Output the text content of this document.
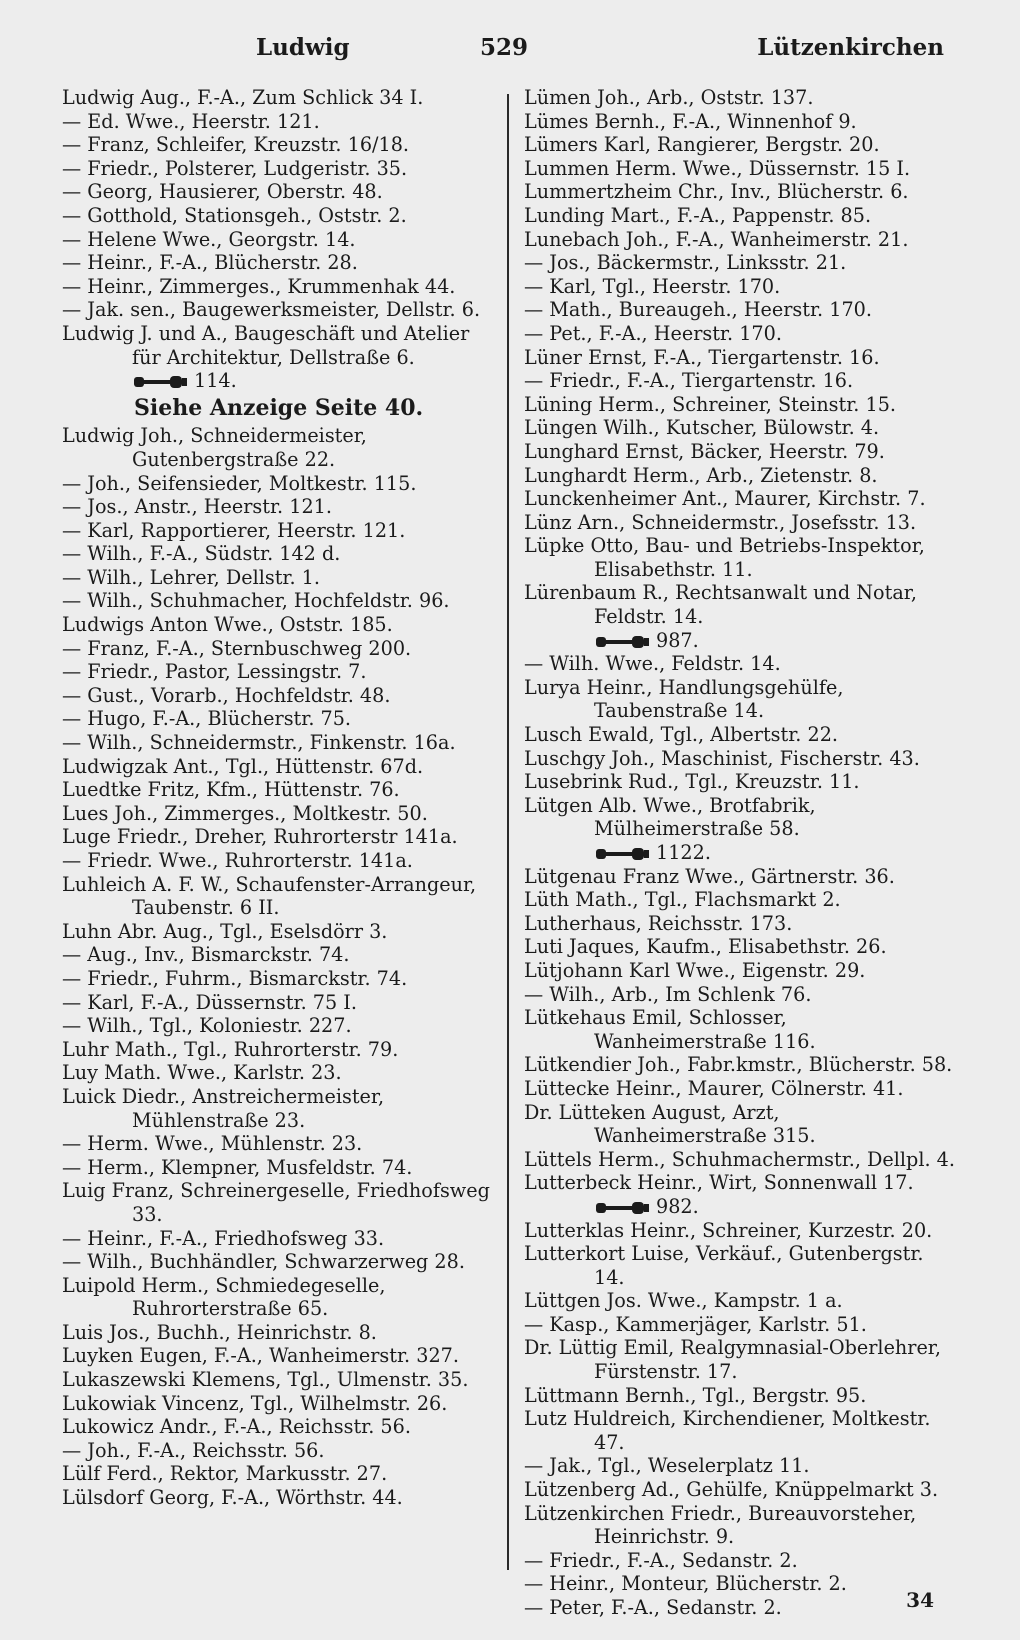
Ludwig	529	Lützenkirchen
Ludwig Aug., F.-A., Zum Schlick 34 I.
— Ed. Wwe., Heerstr. 121.
— Franz, Schleifer, Kreuzstr. 16/18.
— Friedr., Polsterer, Ludgeristr. 35.
— Georg, Hausierer, Oberstr. 48.
— Gotthold, Stationsgeh., Oststr. 2.
— Helene Wwe., Georgstr. 14.
— Heinr., F.-A., Blücherstr. 28.
— Heinr., Zimmerges., Krummenhak 44.
— Jak. sen., Baugewerksmeister, Dellstr. 6.
Ludwig J. und A., Baugeschäft und Atelier für Architektur, Dellstraße 6.
114.
Siehe Anzeige Seite 40.
Ludwig Joh., Schneidermeister, Gutenbergstraße 22.
— Joh., Seifensieder, Moltkestr. 115.
— Jos., Anstr., Heerstr. 121.
— Karl, Rapportierer, Heerstr. 121.
— Wilh., F.-A., Südstr. 142 d.
— Wilh., Lehrer, Dellstr. 1.
— Wilh., Schuhmacher, Hochfeldstr. 96.
Ludwigs Anton Wwe., Oststr. 185.
— Franz, F.-A., Sternbuschweg 200.
— Friedr., Pastor, Lessingstr. 7.
— Gust., Vorarb., Hochfeldstr. 48.
— Hugo, F.-A., Blücherstr. 75.
— Wilh., Schneidermstr., Finkenstr. 16a.
Ludwigzak Ant., Tgl., Hüttenstr. 67d.
Luedtke Fritz, Kfm., Hüttenstr. 76.
Lues Joh., Zimmerges., Moltkestr. 50.
Luge Friedr., Dreher, Ruhrorterstr 141a.
— Friedr. Wwe., Ruhrorterstr. 141a.
Luhleich A. F. W., Schaufenster-Arrangeur, Taubenstr. 6 II.
Luhn Abr. Aug., Tgl., Eselsdörr 3.
— Aug., Inv., Bismarckstr. 74.
— Friedr., Fuhrm., Bismarckstr. 74.
— Karl, F.-A., Düssernstr. 75 I.
— Wilh., Tgl., Koloniestr. 227.
Luhr Math., Tgl., Ruhrorterstr. 79.
Luy Math. Wwe., Karlstr. 23.
Luick Diedr., Anstreichermeister, Mühlenstraße 23.
— Herm. Wwe., Mühlenstr. 23.
— Herm., Klempner, Musfeldstr. 74.
Luig Franz, Schreinergeselle, Friedhofsweg 33.
— Heinr., F.-A., Friedhofsweg 33.
— Wilh., Buchhändler, Schwarzerweg 28.
Luipold Herm., Schmiedegeselle, Ruhrorterstraße 65.
Luis Jos., Buchh., Heinrichstr. 8.
Luyken Eugen, F.-A., Wanheimerstr. 327.
Lukaszewski Klemens, Tgl., Ulmenstr. 35.
Lukowiak Vincenz, Tgl., Wilhelmstr. 26.
Lukowicz Andr., F.-A., Reichsstr. 56.
— Joh., F.-A., Reichsstr. 56.
Lülf Ferd., Rektor, Markusstr. 27.
Lülsdorf Georg, F.-A., Wörthstr. 44.
Lümen Joh., Arb., Oststr. 137.
Lümes Bernh., F.-A., Winnenhof 9.
Lümers Karl, Rangierer, Bergstr. 20.
Lummen Herm. Wwe., Düssernstr. 15 I.
Lummertzheim Chr., Inv., Blücherstr. 6.
Lunding Mart., F.-A., Pappenstr. 85.
Lunebach Joh., F.-A., Wanheimerstr. 21.
— Jos., Bäckermstr., Linksstr. 21.
— Karl, Tgl., Heerstr. 170.
— Math., Bureaugeh., Heerstr. 170.
— Pet., F.-A., Heerstr. 170.
Lüner Ernst, F.-A., Tiergartenstr. 16.
— Friedr., F.-A., Tiergartenstr. 16.
Lüning Herm., Schreiner, Steinstr. 15.
Lüngen Wilh., Kutscher, Bülowstr. 4.
Lunghard Ernst, Bäcker, Heerstr. 79.
Lunghardt Herm., Arb., Zietenstr. 8.
Lunckenheimer Ant., Maurer, Kirchstr. 7.
Lünz Arn., Schneidermstr., Josefsstr. 13.
Lüpke Otto, Bau- und Betriebs-Inspektor, Elisabethstr. 11.
Lürenbaum R., Rechtsanwalt und Notar, Feldstr. 14.
987.
— Wilh. Wwe., Feldstr. 14.
Lurya Heinr., Handlungsgehülfe, Taubenstraße 14.
Lusch Ewald, Tgl., Albertstr. 22.
Luschgy Joh., Maschinist, Fischerstr. 43.
Lusebrink Rud., Tgl., Kreuzstr. 11.
Lütgen Alb. Wwe., Brotfabrik, Mülheimerstraße 58.
1122.
Lütgenau Franz Wwe., Gärtnerstr. 36.
Lüth Math., Tgl., Flachsmarkt 2.
Lutherhaus, Reichsstr. 173.
Luti Jaques, Kaufm., Elisabethstr. 26.
Lütjohann Karl Wwe., Eigenstr. 29.
— Wilh., Arb., Im Schlenk 76.
Lütkehaus Emil, Schlosser, Wanheimerstraße 116.
Lütkendier Joh., Fabr.kmstr., Blücherstr. 58.
Lüttecke Heinr., Maurer, Cölnerstr. 41.
Dr. Lütteken August, Arzt, Wanheimerstraße 315.
Lüttels Herm., Schuhmachermstr., Dellpl. 4.
Lutterbeck Heinr., Wirt, Sonnenwall 17.
982.
Lutterklas Heinr., Schreiner, Kurzestr. 20.
Lutterkort Luise, Verkäuf., Gutenbergstr. 14.
Lüttgen Jos. Wwe., Kampstr. 1 a.
— Kasp., Kammerjäger, Karlstr. 51.
Dr. Lüttig Emil, Realgymnasial-Oberlehrer, Fürstenstr. 17.
Lüttmann Bernh., Tgl., Bergstr. 95.
Lutz Huldreich, Kirchendiener, Moltkestr. 47.
— Jak., Tgl., Weselerplatz 11.
Lützenberg Ad., Gehülfe, Knüppelmarkt 3.
Lützenkirchen Friedr., Bureauvorsteher, Heinrichstr. 9.
— Friedr., F.-A., Sedanstr. 2.
— Heinr., Monteur, Blücherstr. 2.
— Peter, F.-A., Sedanstr. 2.	34
